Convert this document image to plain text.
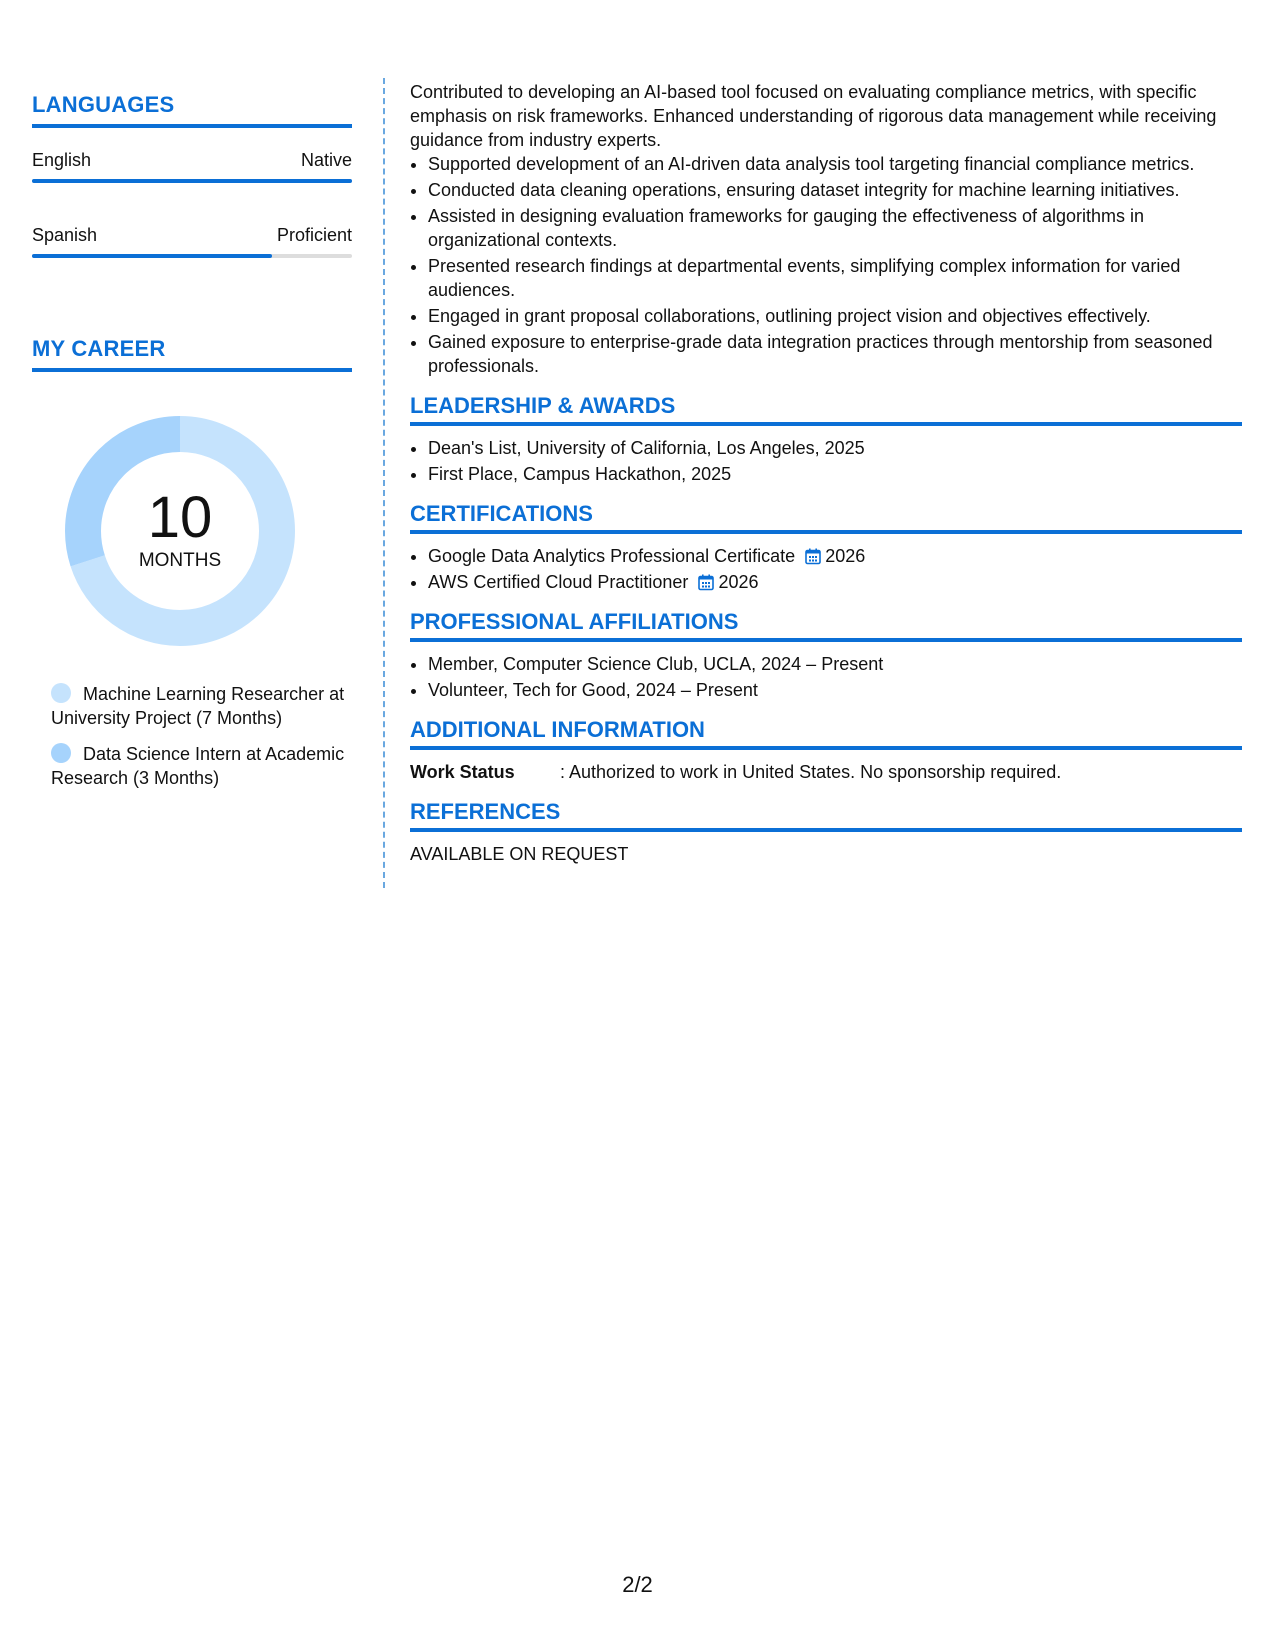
LANGUAGES
English	Native
Spanish	Proficient
MY CAREER
10
MONTHS
Machine Learning Researcher at University Project (7 Months)
Data Science Intern at Academic Research (3 Months)

Contributed to developing an AI-based tool focused on evaluating compliance metrics, with specific emphasis on risk frameworks. Enhanced understanding of rigorous data management while receiving guidance from industry experts.

• Supported development of an AI-driven data analysis tool targeting financial compliance metrics.
• Conducted data cleaning operations, ensuring dataset integrity for machine learning initiatives.
• Assisted in designing evaluation frameworks for gauging the effectiveness of algorithms in organizational contexts.
• Presented research findings at departmental events, simplifying complex information for varied audiences.
• Engaged in grant proposal collaborations, outlining project vision and objectives effectively.
• Gained exposure to enterprise-grade data integration practices through mentorship from seasoned professionals.
LEADERSHIP & AWARDS
• Dean's List, University of California, Los Angeles, 2025
• First Place, Campus Hackathon, 2025
CERTIFICATIONS
• Google Data Analytics Professional Certificate 2026
• AWS Certified Cloud Practitioner 2026
PROFESSIONAL AFFILIATIONS
• Member, Computer Science Club, UCLA, 2024 – Present
• Volunteer, Tech for Good, 2024 – Present
ADDITIONAL INFORMATION
Work Status	: Authorized to work in United States. No sponsorship required.
REFERENCES
AVAILABLE ON REQUEST
2/2
